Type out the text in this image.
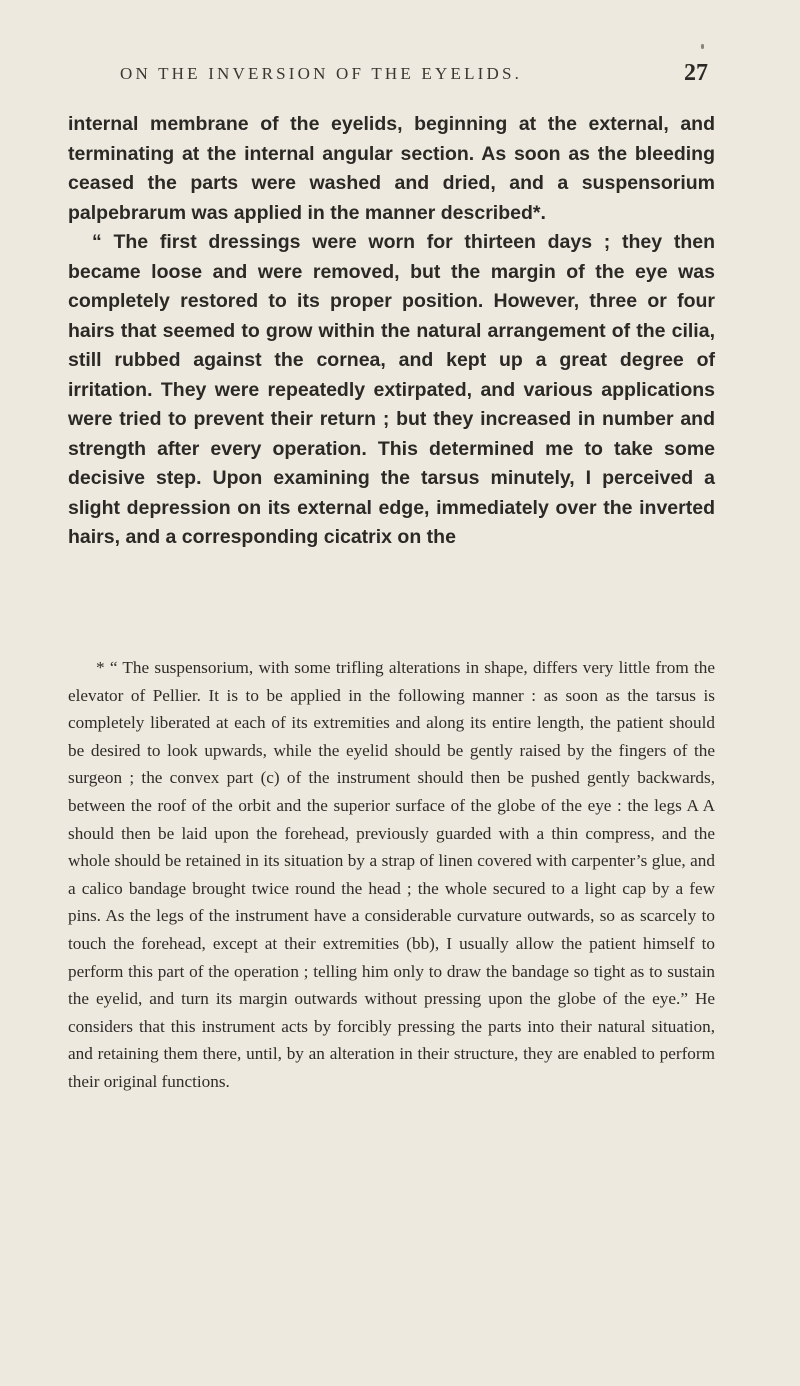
ON THE INVERSION OF THE EYELIDS.	27

internal membrane of the eyelids, beginning at the external, and terminating at the internal angular section. As soon as the bleeding ceased the parts were washed and dried, and a suspensorium palpebrarum was applied in the manner described*.

“ The first dressings were worn for thirteen days ; they then became loose and were removed, but the margin of the eye was completely restored to its proper position. However, three or four hairs that seemed to grow within the natural arrangement of the cilia, still rubbed against the cornea, and kept up a great degree of irritation. They were repeatedly extirpated, and various applications were tried to prevent their return ; but they increased in number and strength after every operation. This determined me to take some decisive step. Upon examining the tarsus minutely, I perceived a slight depression on its external edge, immediately over the inverted hairs, and a corresponding cicatrix on the

* “ The suspensorium, with some trifling alterations in shape, differs very little from the elevator of Pellier. It is to be applied in the following manner : as soon as the tarsus is completely liberated at each of its extremities and along its entire length, the patient should be desired to look upwards, while the eyelid should be gently raised by the fingers of the surgeon ; the convex part (c) of the instrument should then be pushed gently backwards, between the roof of the orbit and the superior surface of the globe of the eye : the legs A A should then be laid upon the forehead, previously guarded with a thin compress, and the whole should be retained in its situation by a strap of linen covered with carpenter’s glue, and a calico bandage brought twice round the head ; the whole secured to a light cap by a few pins. As the legs of the instrument have a considerable curvature outwards, so as scarcely to touch the forehead, except at their extremities (bb), I usually allow the patient himself to perform this part of the operation ; telling him only to draw the bandage so tight as to sustain the eyelid, and turn its margin outwards without pressing upon the globe of the eye.” He considers that this instrument acts by forcibly pressing the parts into their natural situation, and retaining them there, until, by an alteration in their structure, they are enabled to perform their original functions.
